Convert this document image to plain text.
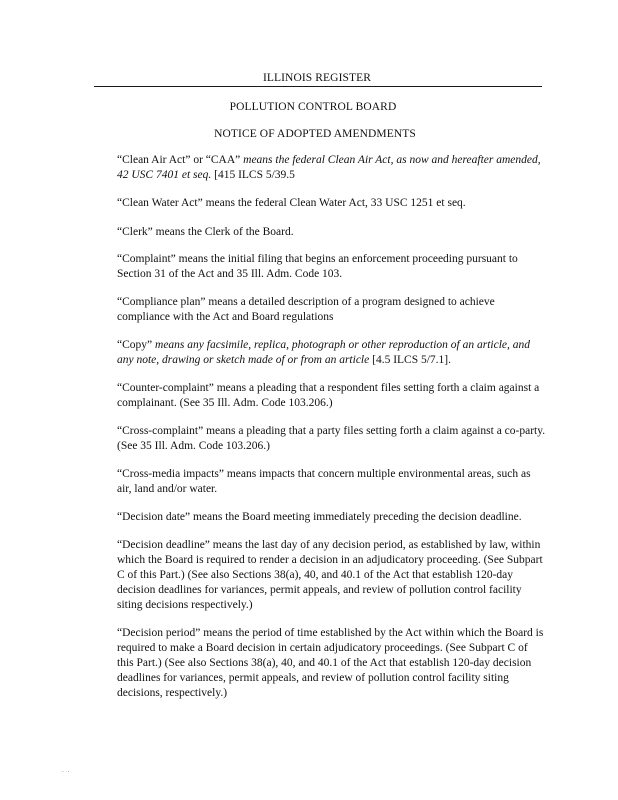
ILLINOIS REGISTER
POLLUTION CONTROL BOARD
NOTICE OF ADOPTED AMENDMENTS

“Clean Air Act” or “CAA” means the federal Clean Air Act, as now and hereafter amended, 42 USC 7401 et seq. [415 ILCS 5/39.5

“Clean Water Act” means the federal Clean Water Act, 33 USC 1251 et seq.

“Clerk” means the Clerk of the Board.

“Complaint” means the initial filing that begins an enforcement proceeding pursuant to Section 31 of the Act and 35 Ill. Adm. Code 103.

“Compliance plan” means a detailed description of a program designed to achieve compliance with the Act and Board regulations

“Copy” means any facsimile, replica, photograph or other reproduction of an article, and any note, drawing or sketch made of or from an article [4.5 ILCS 5/7.1].

“Counter-complaint” means a pleading that a respondent files setting forth a claim against a complainant. (See 35 Ill. Adm. Code 103.206.)

“Cross-complaint” means a pleading that a party files setting forth a claim against a co-party. (See 35 Ill. Adm. Code 103.206.)

“Cross-media impacts” means impacts that concern multiple environmental areas, such as air, land and/or water.

“Decision date” means the Board meeting immediately preceding the decision deadline.

“Decision deadline” means the last day of any decision period, as established by law, within which the Board is required to render a decision in an adjudicatory proceeding. (See Subpart C of this Part.) (See also Sections 38(a), 40, and 40.1 of the Act that establish 120-day decision deadlines for variances, permit appeals, and review of pollution control facility siting decisions respectively.)

“Decision period” means the period of time established by the Act within which the Board is required to make a Board decision in certain adjudicatory proceedings. (See Subpart C of this Part.) (See also Sections 38(a), 40, and 40.1 of the Act that establish 120-day decision deadlines for variances, permit appeals, and review of pollution control facility siting decisions, respectively.)

. .
